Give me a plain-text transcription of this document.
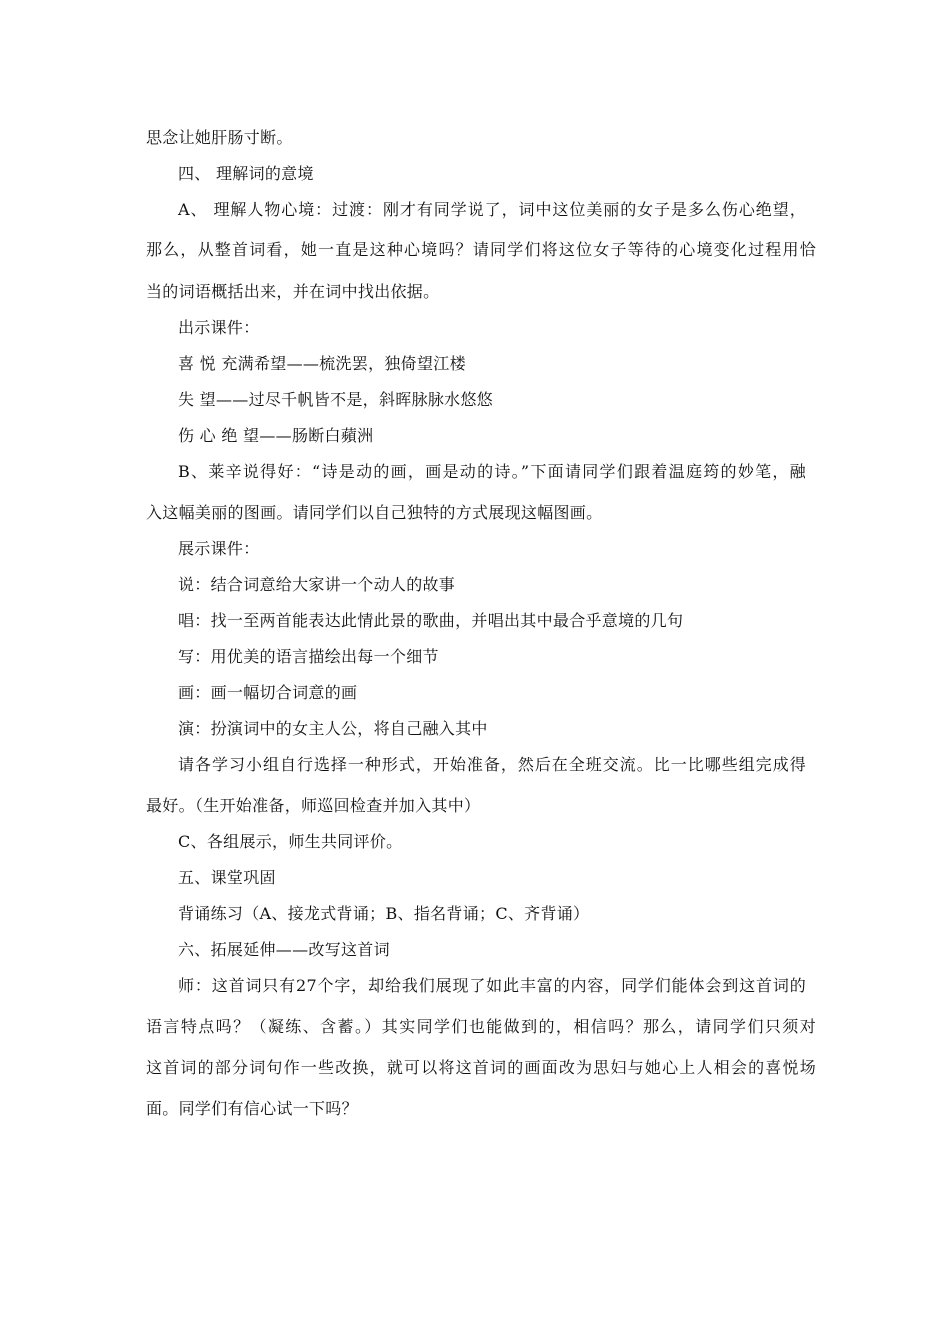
思念让她肝肠寸断。
四、 理解词的意境
A、 理解人物心境：过渡：刚才有同学说了，词中这位美丽的女子是多么伤心绝望，
那么，从整首词看，她一直是这种心境吗？请同学们将这位女子等待的心境变化过程用恰
当的词语概括出来，并在词中找出依据。
出示课件：
喜 悦 充满希望——梳洗罢，独倚望江楼
失 望——过尽千帆皆不是，斜晖脉脉水悠悠
伤 心 绝 望——肠断白蘋洲
B、莱辛说得好：“诗是动的画，画是动的诗。”下面请同学们跟着温庭筠的妙笔，融
入这幅美丽的图画。请同学们以自己独特的方式展现这幅图画。
展示课件：
说：结合词意给大家讲一个动人的故事
唱：找一至两首能表达此情此景的歌曲，并唱出其中最合乎意境的几句
写：用优美的语言描绘出每一个细节
画：画一幅切合词意的画
演：扮演词中的女主人公，将自己融入其中
请各学习小组自行选择一种形式，开始准备，然后在全班交流。比一比哪些组完成得
最好。（生开始准备，师巡回检查并加入其中）
C、各组展示，师生共同评价。
五、课堂巩固
背诵练习（A、接龙式背诵；B、指名背诵；C、齐背诵）
六、拓展延伸——改写这首词
师：这首词只有27个字，却给我们展现了如此丰富的内容，同学们能体会到这首词的
语言特点吗？（凝练、含蓄。）其实同学们也能做到的，相信吗？那么，请同学们只须对
这首词的部分词句作一些改换，就可以将这首词的画面改为思妇与她心上人相会的喜悦场
面。同学们有信心试一下吗？
